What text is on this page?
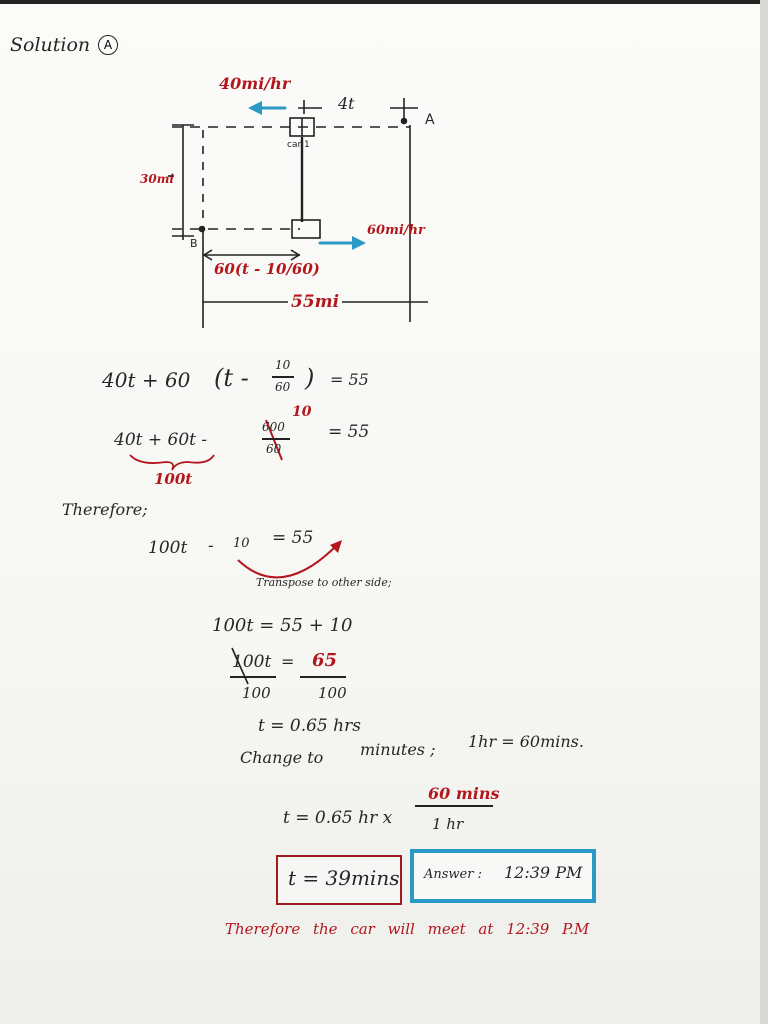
Solution	A
40mi/hr
4t
A
car 1
30mi
B
60mi/hr
60(t - 10/60)
55mi
40t + 60 (t - 10
60 ) = 55
40t + 60t -
600
60
10
= 55
100t
Therefore;
100t - 10 = 55
Transpose to other side;
100t = 55 + 10
100t = 65
100	100
t = 0.65 hrs
Change to minutes ; 1hr = 60mins.
t = 0.65 hr x
60 mins
1 hr
t = 39mins Answer : 12:39 PM
Therefore the car will meet at 12:39 P.M
